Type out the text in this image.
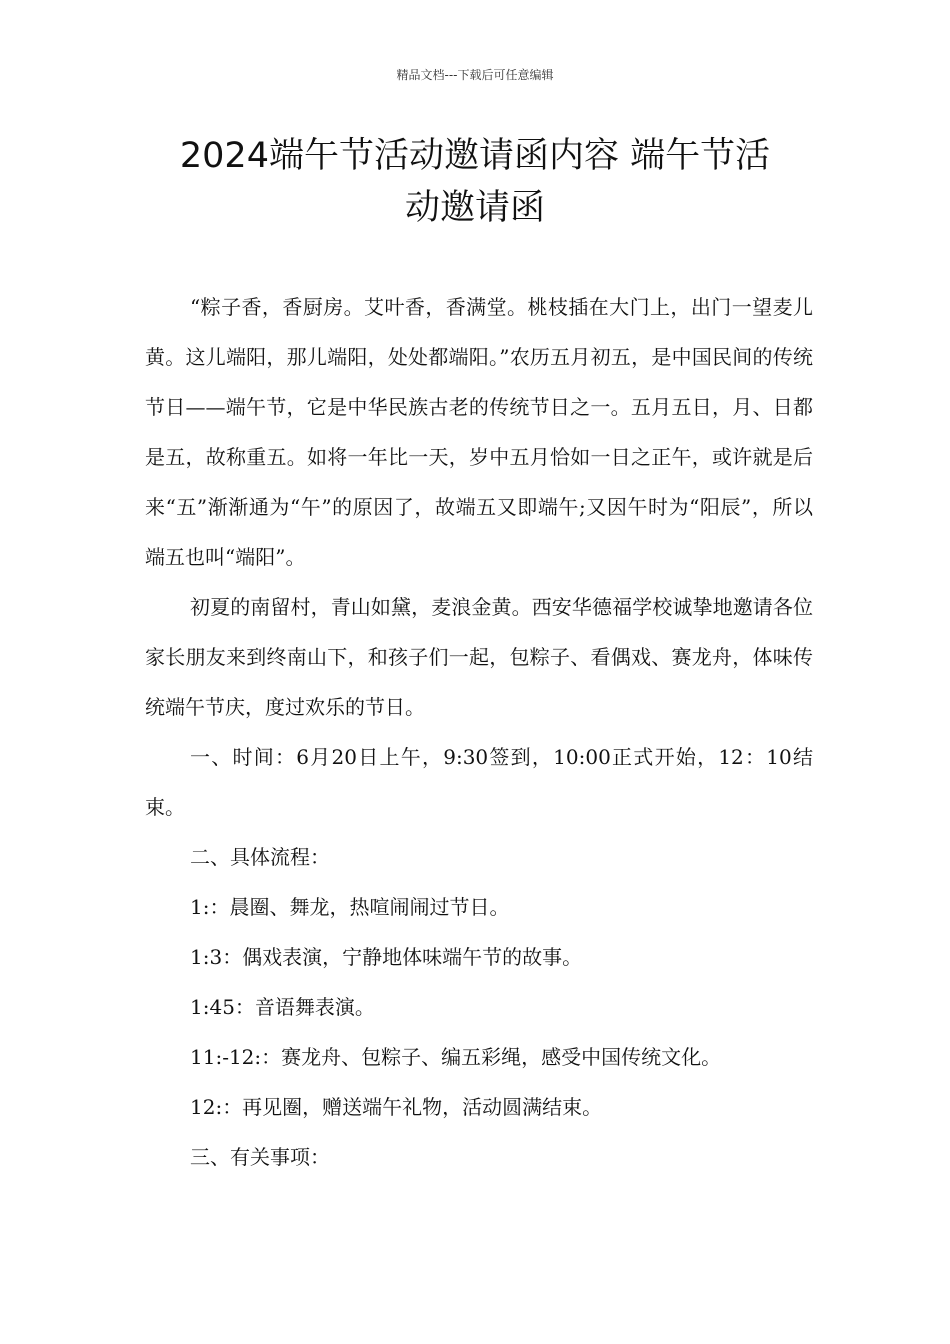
精品文档---下载后可任意编辑
2024端午节活动邀请函内容 端午节活
动邀请函

“粽子香，香厨房。艾叶香，香满堂。桃枝插在大门上，出门一望麦儿黄。这儿端阳，那儿端阳，处处都端阳。”农历五月初五，是中国民间的传统节日——端午节，它是中华民族古老的传统节日之一。五月五日，月、日都是五，故称重五。如将一年比一天，岁中五月恰如一日之正午，或许就是后来“五”渐渐通为“午”的原因了，故端五又即端午;又因午时为“阳辰”，所以端五也叫“端阳”。

初夏的南留村，青山如黛，麦浪金黄。西安华德福学校诚挚地邀请各位家长朋友来到终南山下，和孩子们一起，包粽子、看偶戏、赛龙舟，体味传统端午节庆，度过欢乐的节日。

一、时间：6月20日上午，9:30签到，10:00正式开始，12：10结束。

二、具体流程：

1:：晨圈、舞龙，热喧闹闹过节日。

1:3：偶戏表演，宁静地体味端午节的故事。

1:45：音语舞表演。

11:-12:：赛龙舟、包粽子、编五彩绳，感受中国传统文化。

12:：再见圈，赠送端午礼物，活动圆满结束。

三、有关事项：
